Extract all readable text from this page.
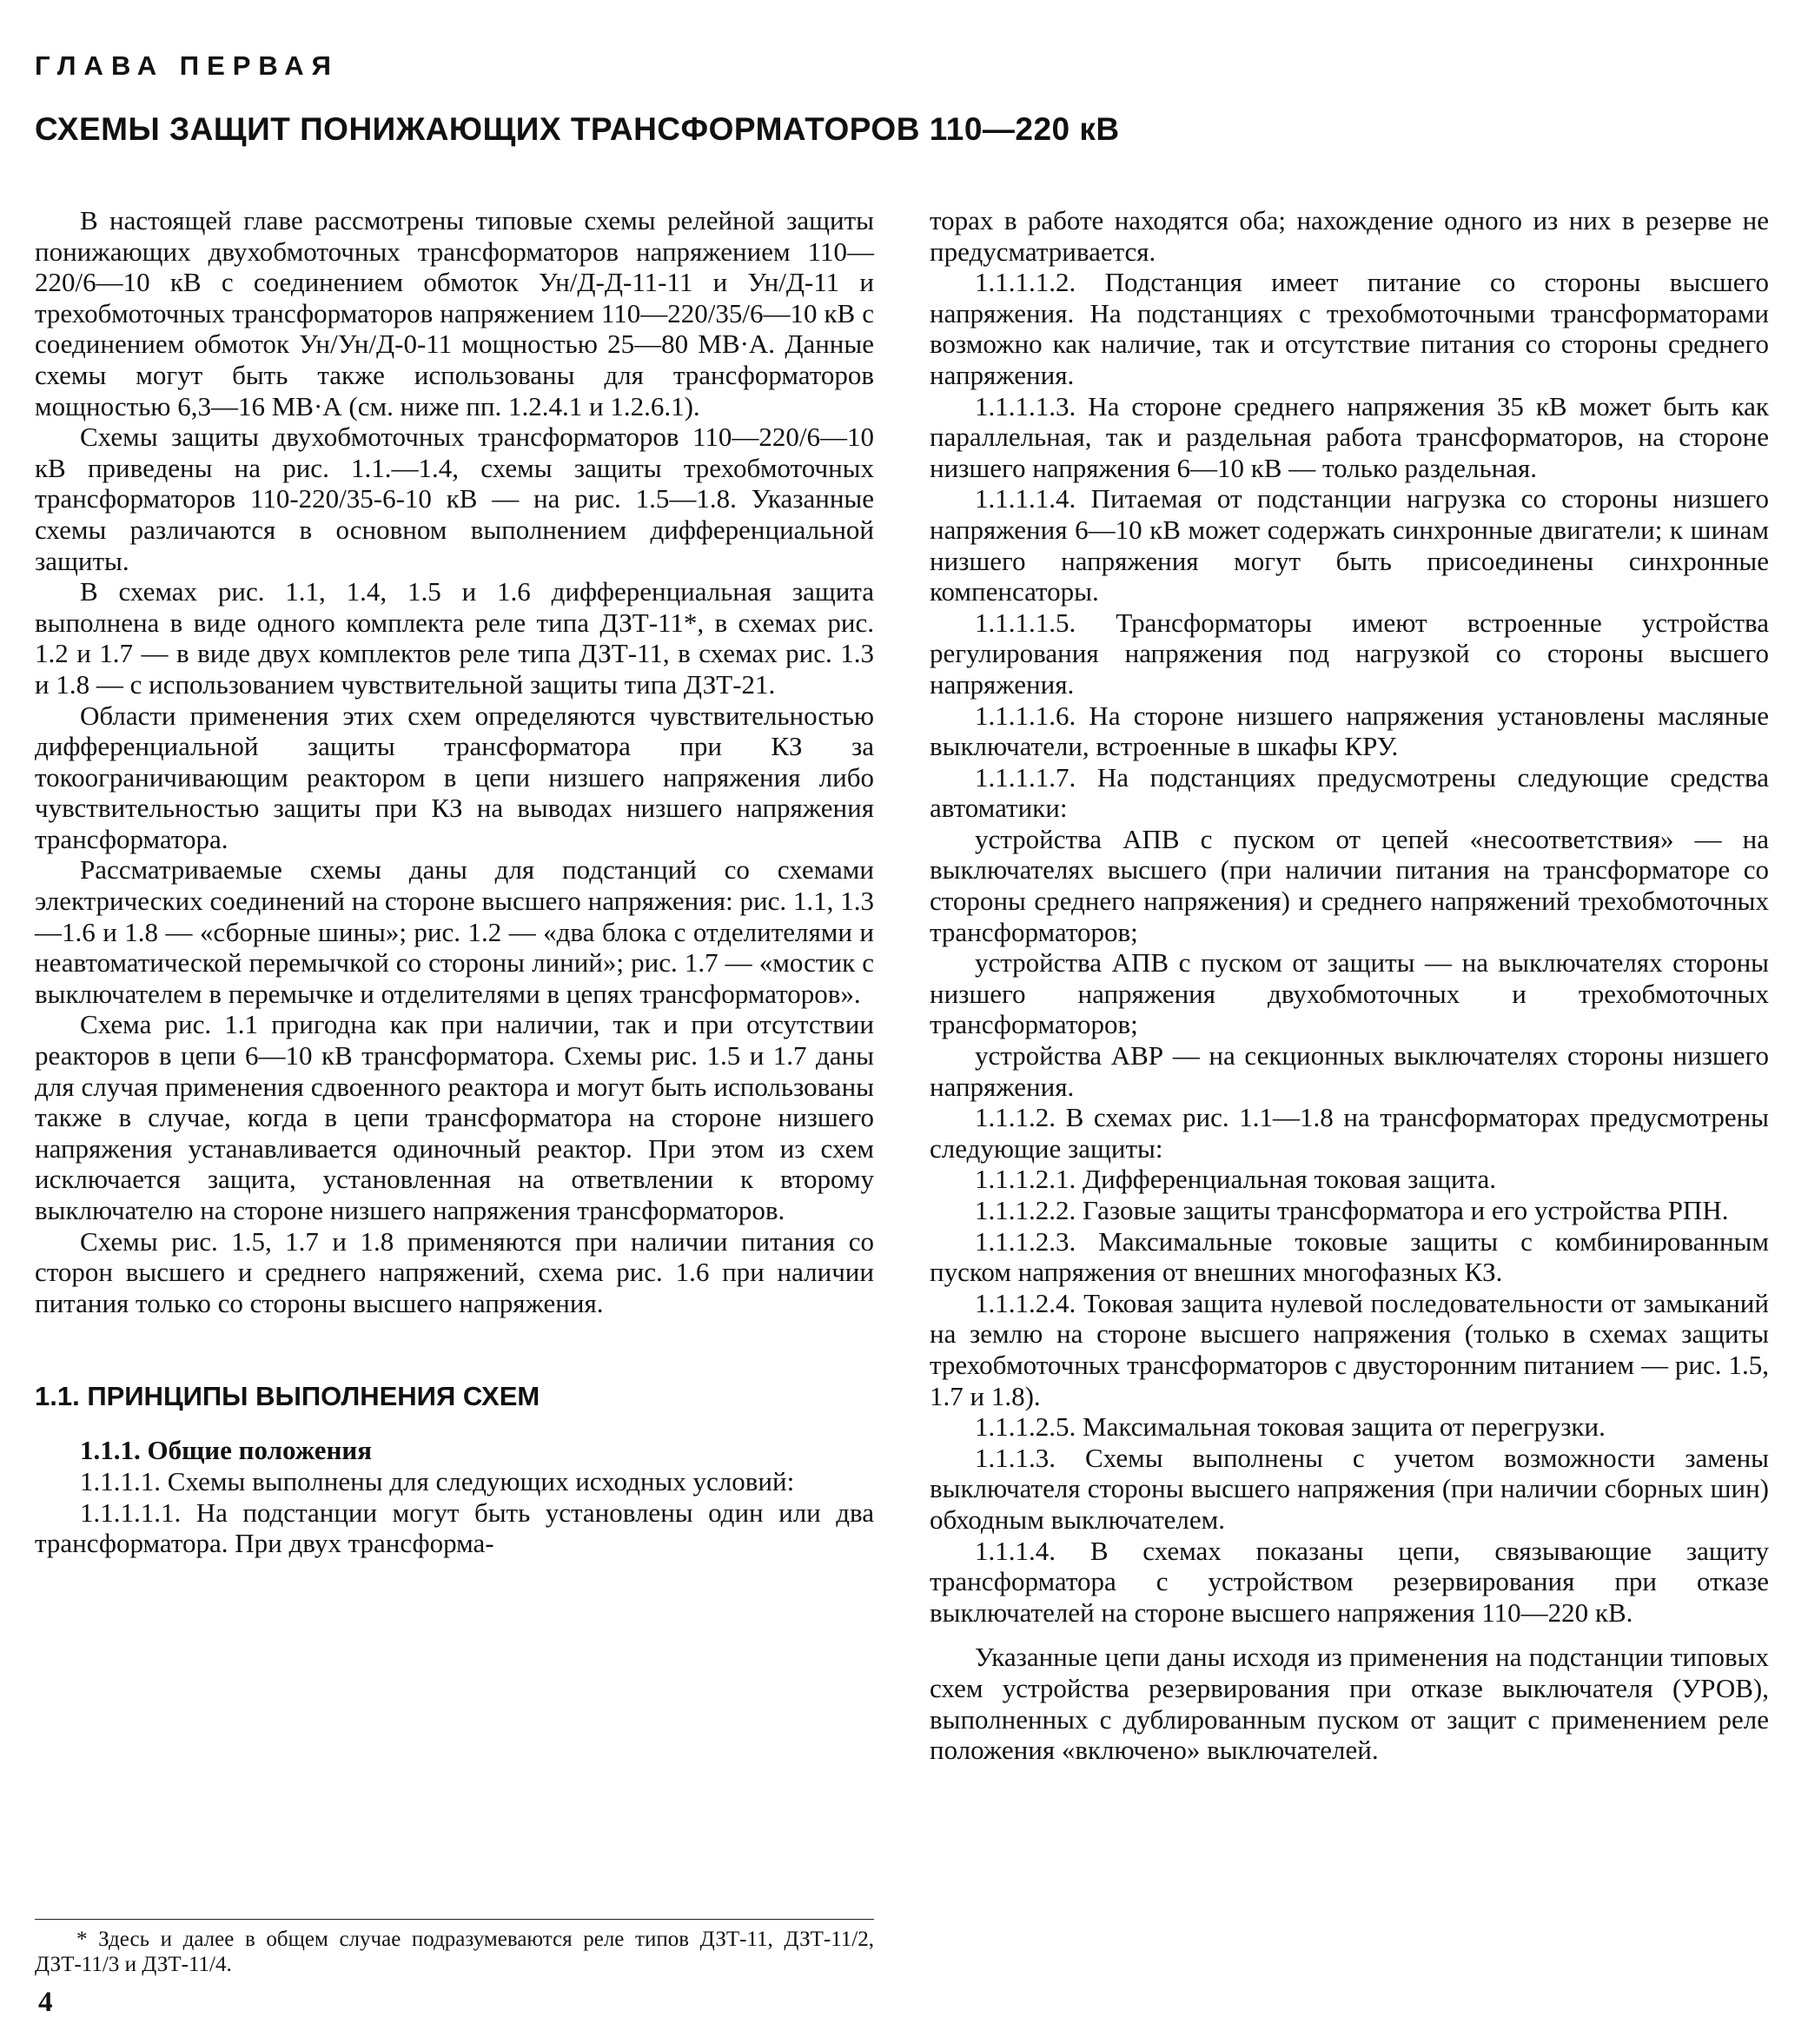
ГЛАВА ПЕРВАЯ
СХЕМЫ ЗАЩИТ ПОНИЖАЮЩИХ ТРАНСФОРМАТОРОВ 110—220 кВ

В настоящей главе рассмотрены типовые схемы релейной защиты понижающих двухобмоточных трансформаторов напряжением 110—220/6—10 кВ с соединением обмоток Ун/Д-Д-11-11 и Ун/Д-11 и трехобмоточных трансформаторов напряжением 110—220/35/6—10 кВ с соединением обмоток Ун/Ун/Д-0-11 мощностью 25—80 МВ·А. Данные схемы могут быть также использованы для трансформаторов мощностью 6,3—16 МВ·А (см. ниже пп. 1.2.4.1 и 1.2.6.1).

Схемы защиты двухобмоточных трансформаторов 110—220/6—10 кВ приведены на рис. 1.1.—1.4, схемы защиты трехобмоточных трансформаторов 110-220/35-6-10 кВ — на рис. 1.5—1.8. Указанные схемы различаются в основном выполнением дифференциальной защиты.

В схемах рис. 1.1, 1.4, 1.5 и 1.6 дифференциальная защита выполнена в виде одного комплекта реле типа ДЗТ-11*, в схемах рис. 1.2 и 1.7 — в виде двух комплектов реле типа ДЗТ-11, в схемах рис. 1.3 и 1.8 — с использованием чувствительной защиты типа ДЗТ-21.

Области применения этих схем определяются чувствительностью дифференциальной защиты трансформатора при КЗ за токоограничивающим реактором в цепи низшего напряжения либо чувствительностью защиты при КЗ на выводах низшего напряжения трансформатора.

Рассматриваемые схемы даны для подстанций со схемами электрических соединений на стороне высшего напряжения: рис. 1.1, 1.3—1.6 и 1.8 — «сборные шины»; рис. 1.2 — «два блока с отделителями и неавтоматической перемычкой со стороны линий»; рис. 1.7 — «мостик с выключателем в перемычке и отделителями в цепях трансформаторов».

Схема рис. 1.1 пригодна как при наличии, так и при отсутствии реакторов в цепи 6—10 кВ трансформатора. Схемы рис. 1.5 и 1.7 даны для случая применения сдвоенного реактора и могут быть использованы также в случае, когда в цепи трансформатора на стороне низшего напряжения устанавливается одиночный реактор. При этом из схем исключается защита, установленная на ответвлении к второму выключателю на стороне низшего напряжения трансформаторов.

Схемы рис. 1.5, 1.7 и 1.8 применяются при наличии питания со сторон высшего и среднего напряжений, схема рис. 1.6 при наличии питания только со стороны высшего напряжения.

1.1. ПРИНЦИПЫ ВЫПОЛНЕНИЯ СХЕМ

1.1.1. Общие положения

1.1.1.1. Схемы выполнены для следующих исходных условий:

1.1.1.1.1. На подстанции могут быть установлены один или два трансформатора. При двух трансформа-

торах в работе находятся оба; нахождение одного из них в резерве не предусматривается.

1.1.1.1.2. Подстанция имеет питание со стороны высшего напряжения. На подстанциях с трехобмоточными трансформаторами возможно как наличие, так и отсутствие питания со стороны среднего напряжения.

1.1.1.1.3. На стороне среднего напряжения 35 кВ может быть как параллельная, так и раздельная работа трансформаторов, на стороне низшего напряжения 6—10 кВ — только раздельная.

1.1.1.1.4. Питаемая от подстанции нагрузка со стороны низшего напряжения 6—10 кВ может содержать синхронные двигатели; к шинам низшего напряжения могут быть присоединены синхронные компенсаторы.

1.1.1.1.5. Трансформаторы имеют встроенные устройства регулирования напряжения под нагрузкой со стороны высшего напряжения.

1.1.1.1.6. На стороне низшего напряжения установлены масляные выключатели, встроенные в шкафы КРУ.

1.1.1.1.7. На подстанциях предусмотрены следующие средства автоматики:

устройства АПВ с пуском от цепей «несоответствия» — на выключателях высшего (при наличии питания на трансформаторе со стороны среднего напряжения) и среднего напряжений трехобмоточных трансформаторов;

устройства АПВ с пуском от защиты — на выключателях стороны низшего напряжения двухобмоточных и трехобмоточных трансформаторов;

устройства АВР — на секционных выключателях стороны низшего напряжения.

1.1.1.2. В схемах рис. 1.1—1.8 на трансформаторах предусмотрены следующие защиты:

1.1.1.2.1. Дифференциальная токовая защита.

1.1.1.2.2. Газовые защиты трансформатора и его устройства РПН.

1.1.1.2.3. Максимальные токовые защиты с комбинированным пуском напряжения от внешних многофазных КЗ.

1.1.1.2.4. Токовая защита нулевой последовательности от замыканий на землю на стороне высшего напряжения (только в схемах защиты трехобмоточных трансформаторов с двусторонним питанием — рис. 1.5, 1.7 и 1.8).

1.1.1.2.5. Максимальная токовая защита от перегрузки.

1.1.1.3. Схемы выполнены с учетом возможности замены выключателя стороны высшего напряжения (при наличии сборных шин) обходным выключателем.

1.1.1.4. В схемах показаны цепи, связывающие защиту трансформатора с устройством резервирования при отказе выключателей на стороне высшего напряжения 110—220 кВ.

Указанные цепи даны исходя из применения на подстанции типовых схем устройства резервирования при отказе выключателя (УРОВ), выполненных с дублированным пуском от защит с применением реле положения «включено» выключателей.

* Здесь и далее в общем случае подразумеваются реле типов ДЗТ-11, ДЗТ-11/2, ДЗТ-11/3 и ДЗТ-11/4.

4
